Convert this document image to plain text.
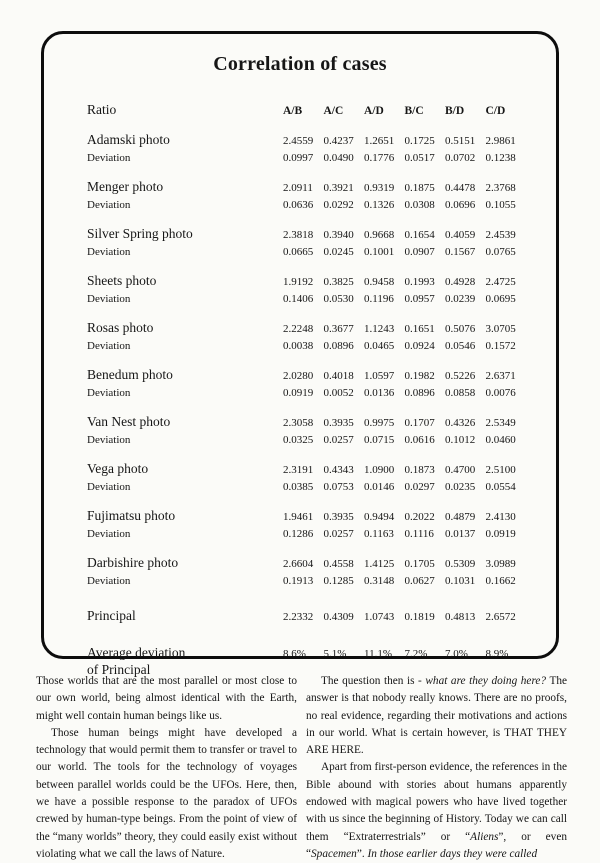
Correlation of cases
Ratio	A/B	A/C	A/D	B/C	B/D	C/D
Adamski photo	2.4559 0.4237 1.2651 0.1725 0.5151 2.9861
Deviation	0.0997 0.0490 0.1776 0.0517 0.0702 0.1238
Menger photo	2.0911 0.3921 0.9319 0.1875 0.4478 2.3768
Deviation	0.0636 0.0292 0.1326 0.0308 0.0696 0.1055
Silver Spring photo	2.3818 0.3940 0.9668 0.1654 0.4059 2.4539
Deviation	0.0665 0.0245 0.1001 0.0907 0.1567 0.0765
Sheets photo	1.9192 0.3825 0.9458 0.1993 0.4928 2.4725
Deviation	0.1406 0.0530 0.1196 0.0957 0.0239 0.0695
Rosas photo	2.2248 0.3677 1.1243 0.1651 0.5076 3.0705
Deviation	0.0038 0.0896 0.0465 0.0924 0.0546 0.1572
Benedum photo	2.0280 0.4018 1.0597 0.1982 0.5226 2.6371
Deviation	0.0919 0.0052 0.0136 0.0896 0.0858 0.0076
Van Nest photo	2.3058 0.3935 0.9975 0.1707 0.4326 2.5349
Deviation	0.0325 0.0257 0.0715 0.0616 0.1012 0.0460
Vega photo	2.3191 0.4343 1.0900 0.1873 0.4700 2.5100
Deviation	0.0385 0.0753 0.0146 0.0297 0.0235 0.0554
Fujimatsu photo	1.9461 0.3935 0.9494 0.2022 0.4879 2.4130
Deviation	0.1286 0.0257 0.1163 0.1116	0.0137 0.0919
Darbishire photo	2.6604 0.4558 1.4125 0.1705 0.5309 3.0989
Deviation	0.1913 0.1285 0.3148 0.0627 0.1031 0.1662
Principal	2.2332 0.4309 1.0743 0.1819 0.4813 2.6572
Average deviation
of Principal
8.6%	5.1%	11.1%	7.2%	7.0%	8.9%

Those worlds that are the most parallel or most close to our own world, being almost identical with the Earth, might well contain human beings like us.

Those human beings might have developed a technology that would permit them to transfer or travel to our world. The tools for the technology of voyages between parallel worlds could be the UFOs. Here, then, we have a possible response to the paradox of UFOs crewed by human-type beings. From the point of view of the “many worlds” theory, they could easily exist without violating what we call the laws of Nature.

The question then is - what are they doing here? The answer is that nobody really knows. There are no proofs, no real evidence, regarding their motivations and actions in our world. What is certain however, is THAT THEY ARE HERE.

Apart from first-person evidence, the references in the Bible abound with stories about humans apparently endowed with magical powers who have lived together with us since the beginning of History. Today we can call them “Extraterrestrials” or “Aliens”, or even “Spacemen”. In those earlier days they were called
